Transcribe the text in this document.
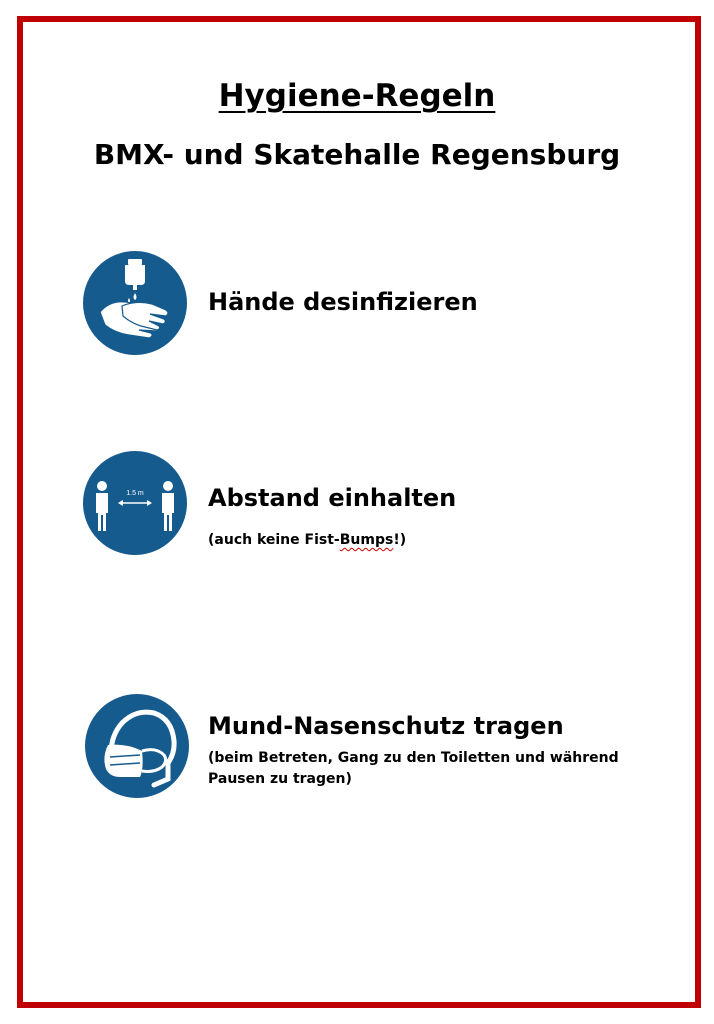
Hygiene-Regeln
BMX- und Skatehalle Regensburg
Hände desinfizieren
1.5 m	Abstand einhalten
(auch keine Fist-Bumps!)
Mund-Nasenschutz tragen
(beim Betreten, Gang zu den Toiletten und während Pausen zu tragen)
